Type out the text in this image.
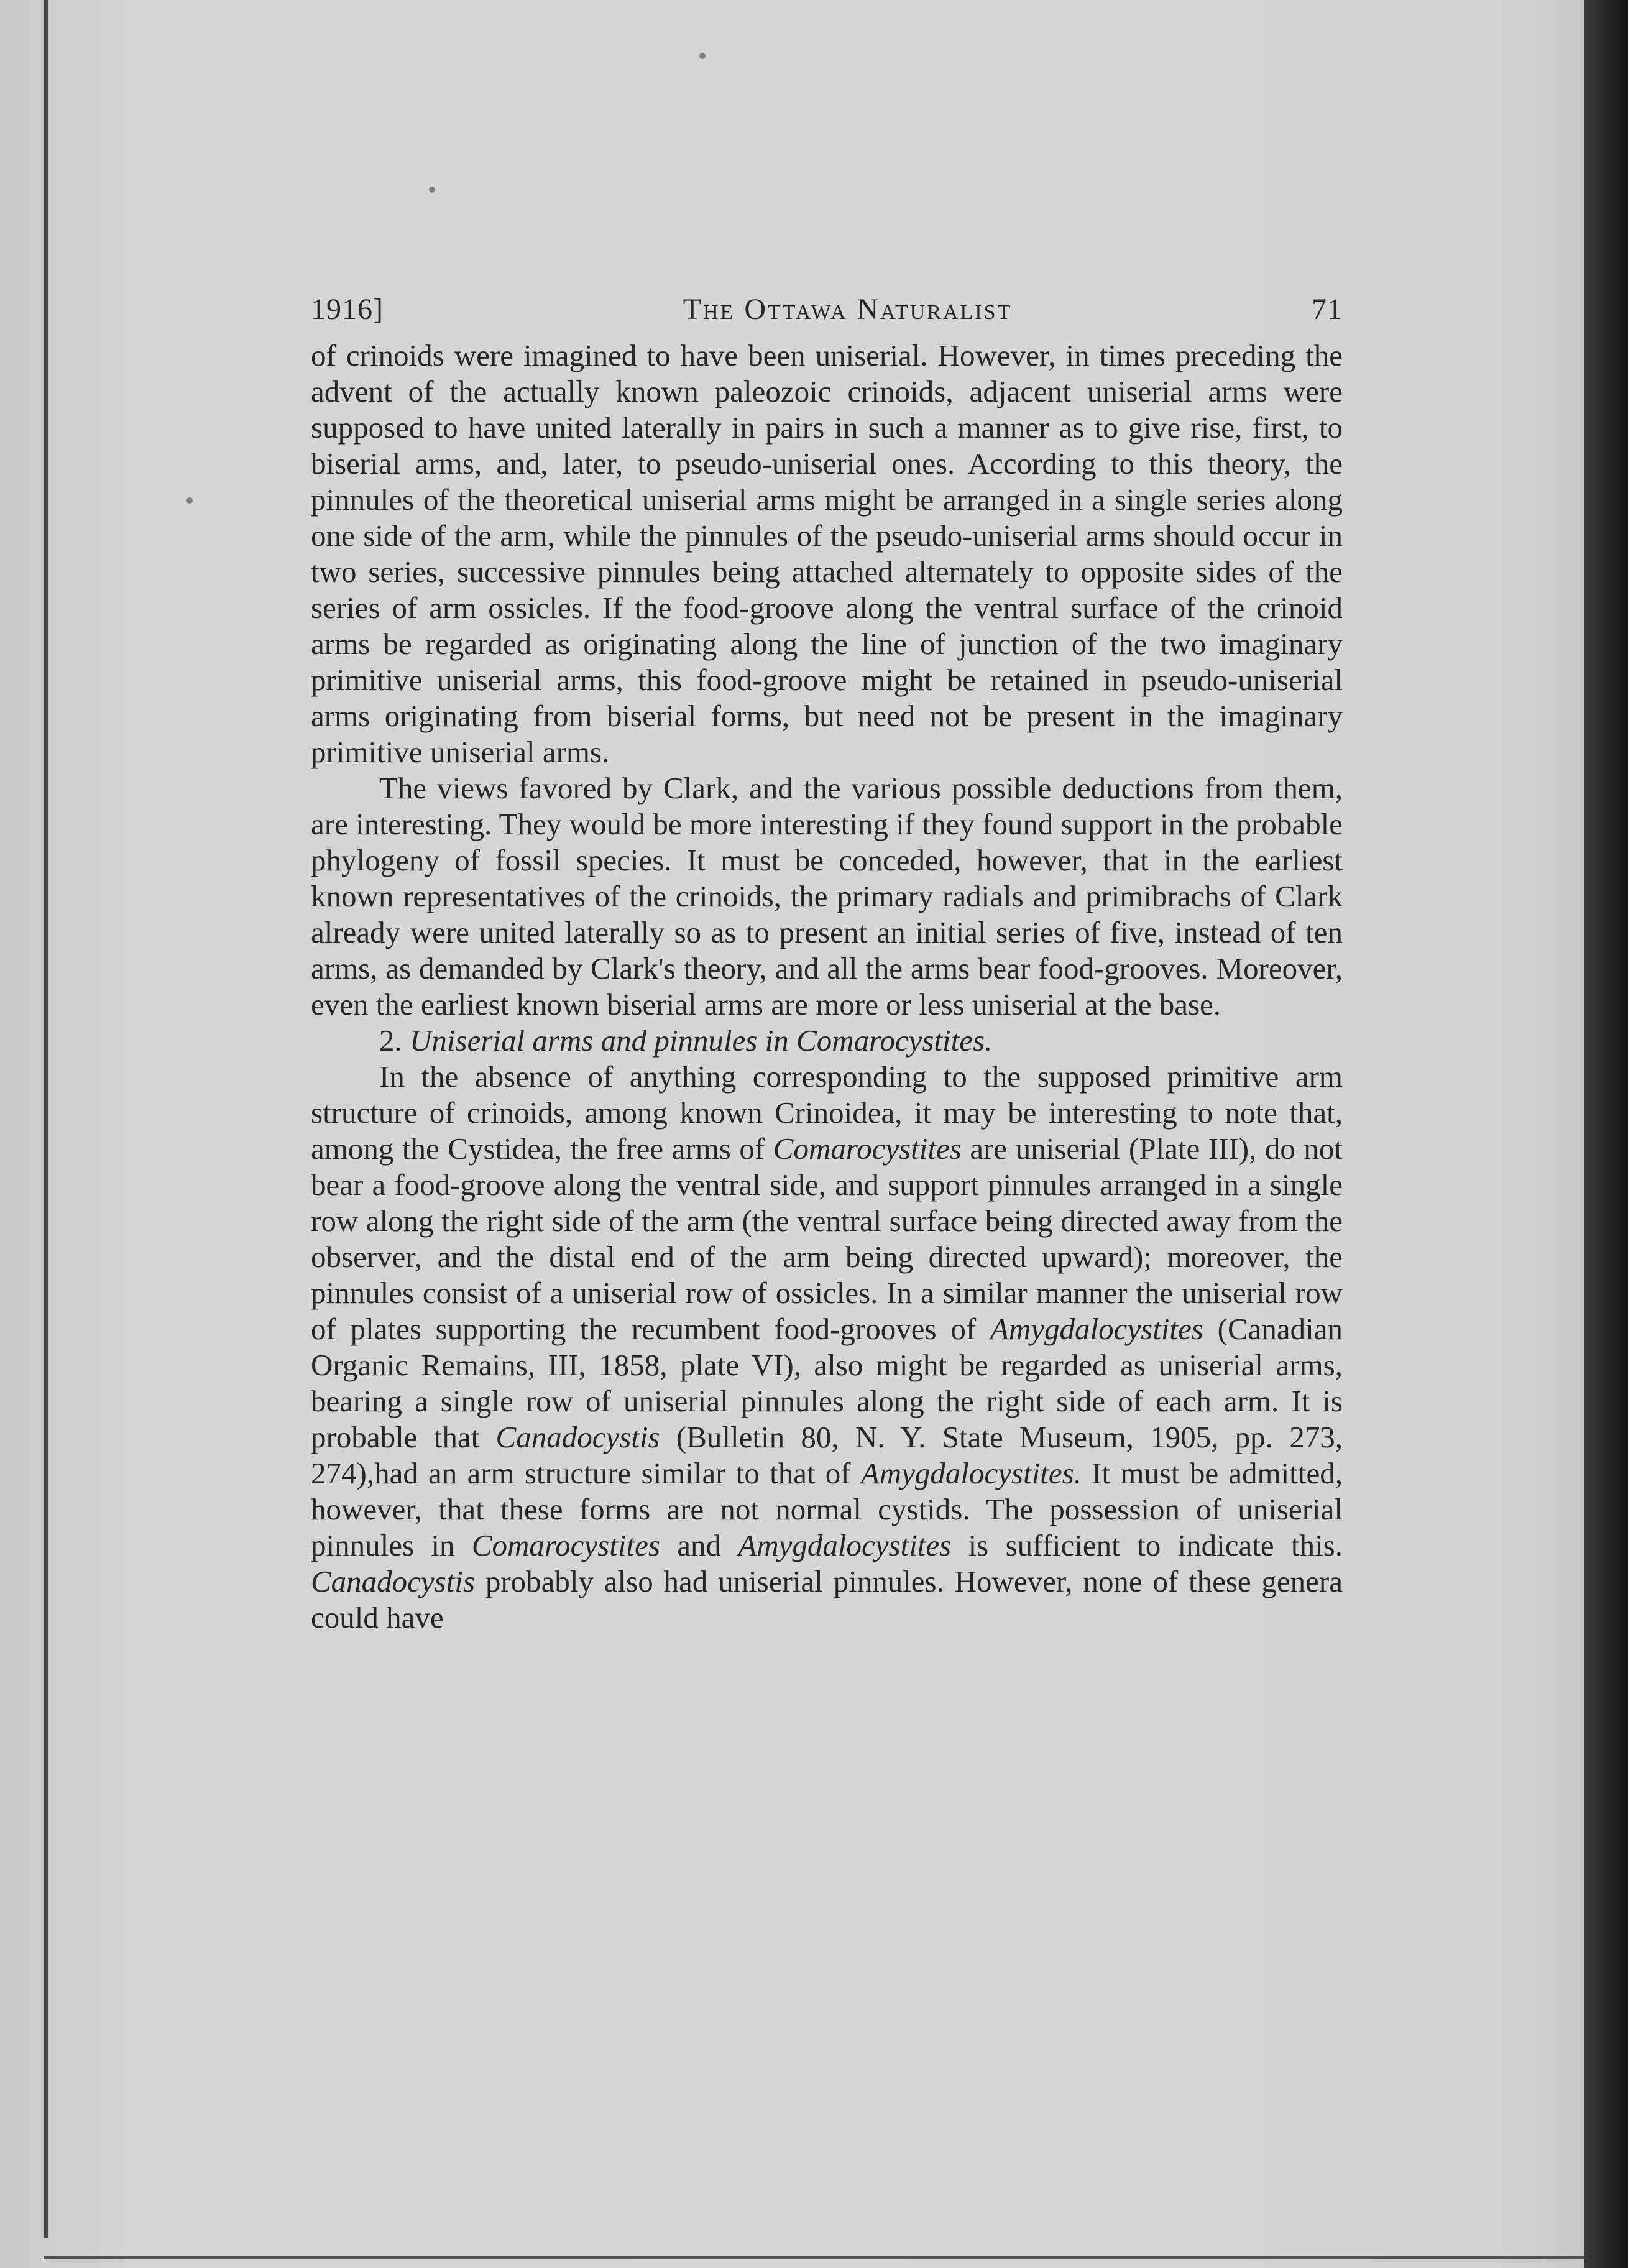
1916]	The Ottawa Naturalist	71

of crinoids were imagined to have been uniserial. However, in times preceding the advent of the actually known paleozoic crinoids, adjacent uniserial arms were supposed to have united laterally in pairs in such a manner as to give rise, first, to biserial arms, and, later, to pseudo-uniserial ones. According to this theory, the pinnules of the theoretical uniserial arms might be arranged in a single series along one side of the arm, while the pinnules of the pseudo-uniserial arms should occur in two series, successive pinnules being attached alternately to opposite sides of the series of arm ossicles. If the food-groove along the ventral surface of the crinoid arms be regarded as originating along the line of junction of the two imaginary primitive uniserial arms, this food-groove might be retained in pseudo-uniserial arms originating from biserial forms, but need not be present in the imaginary primitive uniserial arms.

The views favored by Clark, and the various possible deductions from them, are interesting. They would be more interesting if they found support in the probable phylogeny of fossil species. It must be conceded, however, that in the earliest known representatives of the crinoids, the primary radials and primibrachs of Clark already were united laterally so as to present an initial series of five, instead of ten arms, as demanded by Clark's theory, and all the arms bear food-grooves. Moreover, even the earliest known biserial arms are more or less uniserial at the base.

2. Uniserial arms and pinnules in Comarocystites.

In the absence of anything corresponding to the supposed primitive arm structure of crinoids, among known Crinoidea, it may be interesting to note that, among the Cystidea, the free arms of Comarocystites are uniserial (Plate III), do not bear a food-groove along the ventral side, and support pinnules arranged in a single row along the right side of the arm (the ventral surface being directed away from the observer, and the distal end of the arm being directed upward); moreover, the pinnules consist of a uniserial row of ossicles. In a similar manner the uniserial row of plates supporting the recumbent food-grooves of Amygdalocystites (Canadian Organic Remains, III, 1858, plate VI), also might be regarded as uniserial arms, bearing a single row of uniserial pinnules along the right side of each arm. It is probable that Canadocystis (Bulletin 80, N. Y. State Museum, 1905, pp. 273, 274),had an arm structure similar to that of Amygdalocystites. It must be admitted, however, that these forms are not normal cystids. The possession of uniserial pinnules in Comarocystites and Amygdalocystites is sufficient to indicate this. Canadocystis probably also had uniserial pinnules. However, none of these genera could have
